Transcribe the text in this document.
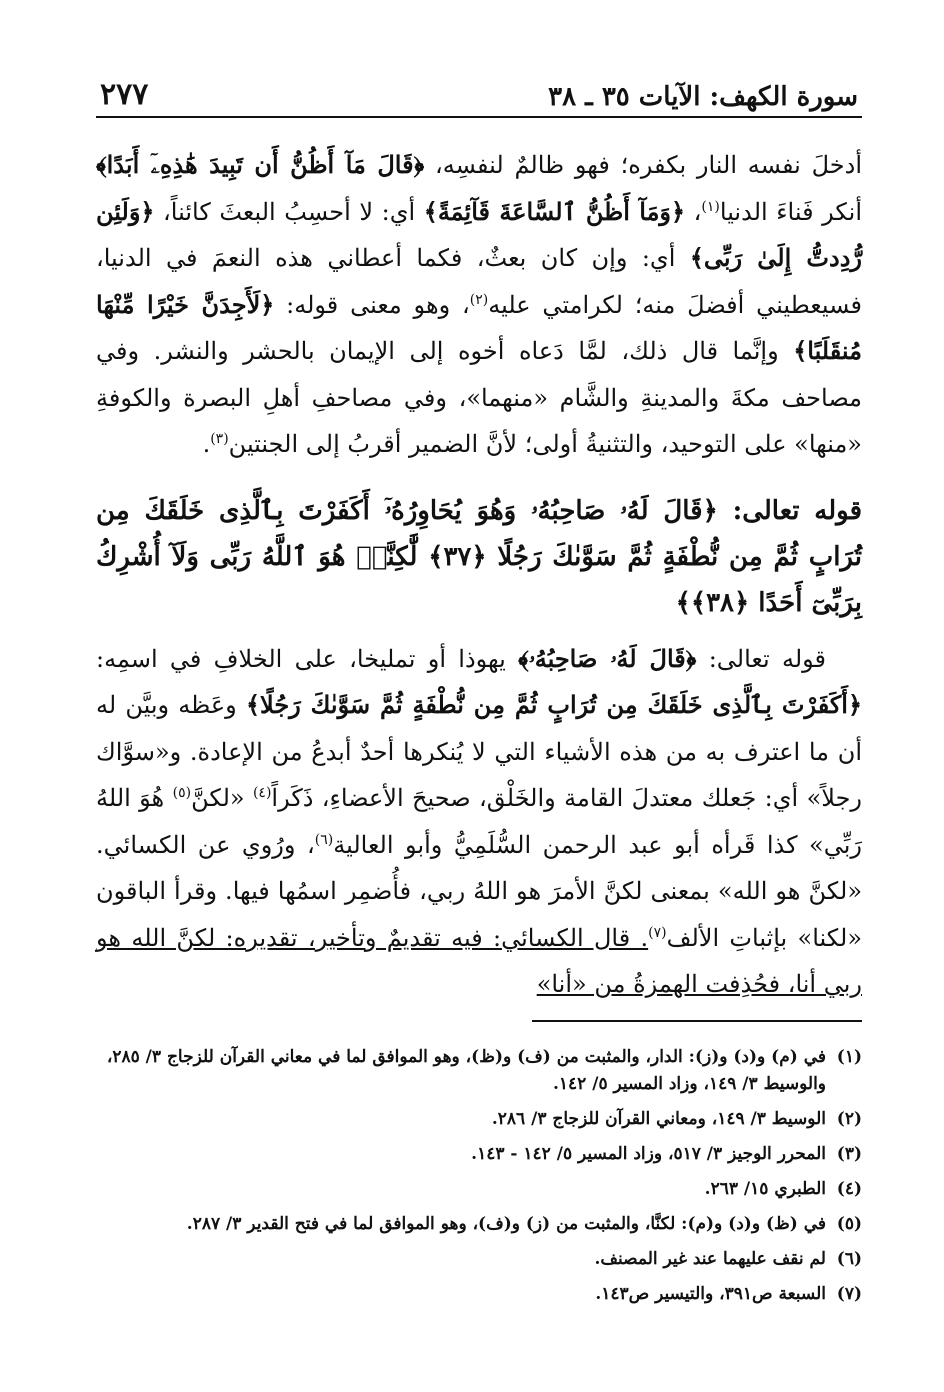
سورة الكهف: الآيات ٣٥ ـ ٣٨
٢٧٧

أدخلَ نفسه النار بكفره؛ فهو ظالمٌ لنفسِه، ﴿قَالَ مَآ أَظُنُّ أَن تَبِيدَ هَٰذِهِۦٓ أَبَدًا﴾ أنكر فَناءَ الدنيا$^{(١)}$، ﴿وَمَآ أَظُنُّ ٱلسَّاعَةَ قَآئِمَةً﴾ أي: لا أحسِبُ البعثَ كائناً، ﴿وَلَئِن رُّدِدتُّ إِلَىٰ رَبِّى﴾ أي: وإن كان بعثٌ، فكما أعطاني هذه النعمَ في الدنيا، فسيعطيني أفضلَ منه؛ لكرامتي عليه$^{(٢)}$، وهو معنى قوله: ﴿لَأَجِدَنَّ خَيْرًا مِّنْهَا مُنقَلَبًا﴾ وإنَّما قال ذلك، لمَّا دَعاه أخوه إلى الإيمان بالحشر والنشر. وفي مصاحف مكةَ والمدينةِ والشَّام «منهما»، وفي مصاحفِ أهلِ البصرة والكوفةِ «منها» على التوحيد، والتثنيةُ أولى؛ لأنَّ الضمير أقربُ إلى الجنتين$^{(٣)}$.

قوله تعالى: ﴿قَالَ لَهُۥ صَاحِبُهُۥ وَهُوَ يُحَاوِرُهُۥٓ أَكَفَرْتَ بِٱلَّذِى خَلَقَكَ مِن تُرَابٍ ثُمَّ مِن نُّطْفَةٍ ثُمَّ سَوَّىٰكَ رَجُلًا ﴿٣٧﴾ لَّٰكِنَّا۠ هُوَ ٱللَّهُ رَبِّى وَلَآ أُشْرِكُ بِرَبِّىٓ أَحَدًا ﴿٣٨﴾﴾

قوله تعالى: ﴿قَالَ لَهُۥ صَاحِبُهُۥ﴾ يهوذا أو تمليخا، على الخلافِ في اسمِه: ﴿أَكَفَرْتَ بِٱلَّذِى خَلَقَكَ مِن تُرَابٍ ثُمَّ مِن نُّطْفَةٍ ثُمَّ سَوَّىٰكَ رَجُلًا﴾ وعَظه وبيَّن له أن ما اعترف به من هذه الأشياء التي لا يُنكرها أحدٌ أبدعُ من الإعادة. و«سوَّاك رجلاً» أي: جَعلك معتدلَ القامة والخَلْق، صحيحَ الأعضاءِ، ذَكَراً$^{(٤)}$ «لكنَّ$^{(٥)}$ هُوَ اللهُ رَبِّي» كذا قَرأه أبو عبد الرحمن السُّلَمِيُّ وأبو العالية$^{(٦)}$، ورُوي عن الكسائي. «لكنَّ هو الله» بمعنى لكنَّ الأمرَ هو اللهُ ربي، فأُضمِر اسمُها فيها. وقرأ الباقون «لكنا» بإثباتِ الألف$^{(٧)}$. قال الكسائي: فيه تقديمٌ وتأخير، تقديره: لكنَّ الله هو ربي أنا، فحُذِفت الهمزةُ من «أنا»

(١)في (م) و(د) و(ز): الدار، والمثبت من (ف) و(ظ)، وهو الموافق لما في معاني القرآن للزجاج ٣/ ٢٨٥، والوسيط ٣/ ١٤٩، وزاد المسير ٥/ ١٤٢.

(٢)الوسيط ٣/ ١٤٩، ومعاني القرآن للزجاج ٣/ ٢٨٦.

(٣)المحرر الوجيز ٣/ ٥١٧، وزاد المسير ٥/ ١٤٢ - ١٤٣.

(٤)الطبري ١٥/ ٢٦٣.

(٥)في (ظ) و(د) و(م): لكنَّا، والمثبت من (ز) و(ف)، وهو الموافق لما في فتح القدير ٣/ ٢٨٧.

(٦)لم نقف عليهما عند غير المصنف.

(٧)السبعة ص٣٩١، والتيسير ص١٤٣.
